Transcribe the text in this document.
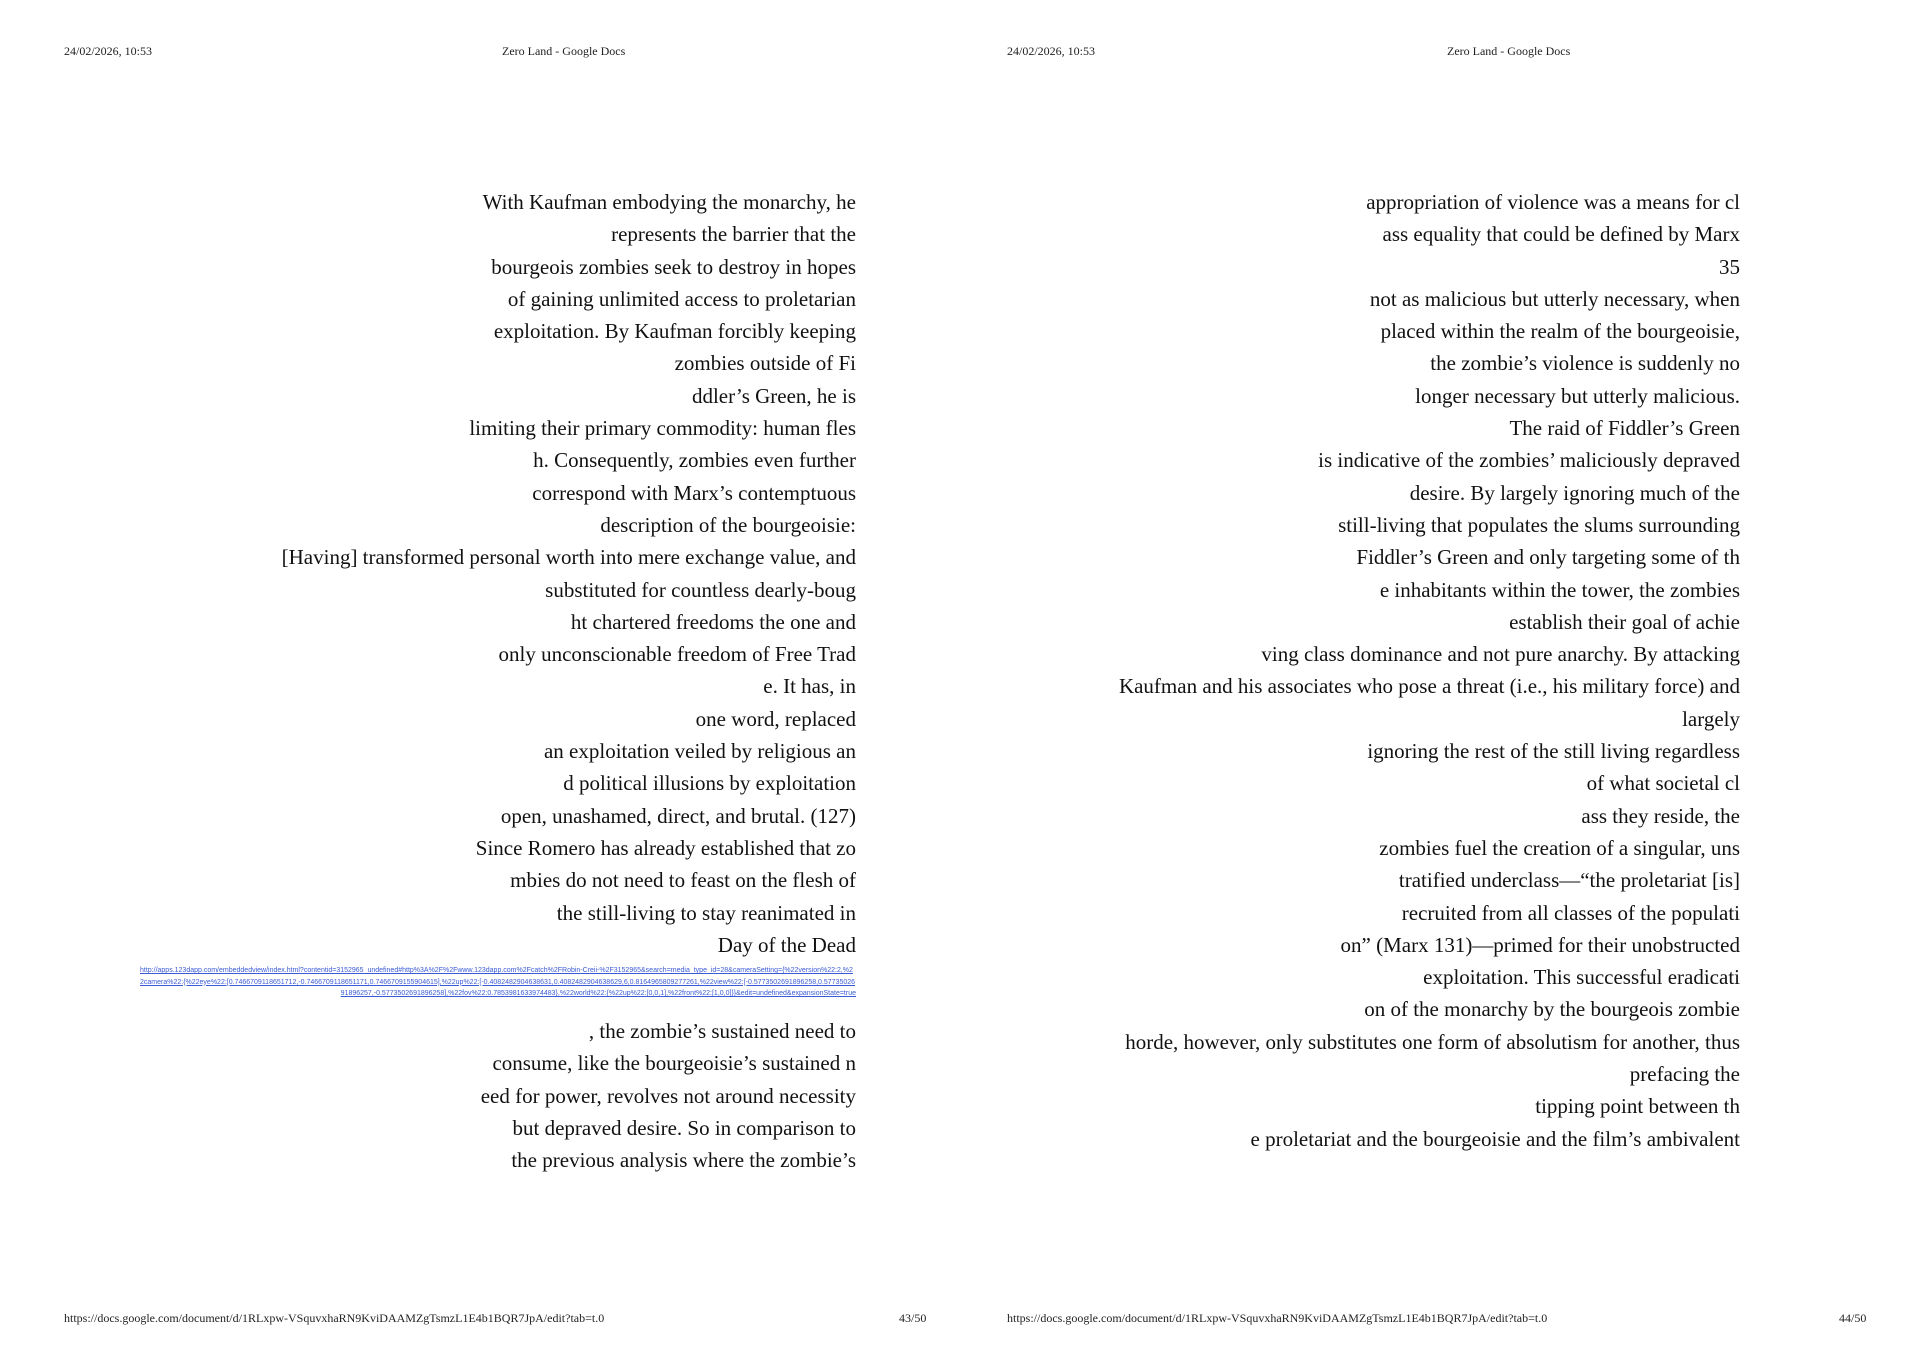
24/02/2026, 10:53	Zero Land - Google Docs
With Kaufman embodying the monarchy, he
represents the barrier that the
bourgeois zombies seek to destroy in hopes
of gaining unlimited access to proletarian
exploitation. By Kaufman forcibly keeping
zombies outside of Fi
ddler’s Green, he is
limiting their primary commodity: human fles
h. Consequently, zombies even further
correspond with Marx’s contemptuous
description of the bourgeoisie:
[Having] transformed personal worth into mere exchange value, and
substituted for countless dearly-boug
ht chartered freedoms the one and
only unconscionable freedom of Free Trad
e. It has, in
one word, replaced
an exploitation veiled by religious an
d political illusions by exploitation
open, unashamed, direct, and brutal. (127)
Since Romero has already established that zo
mbies do not need to feast on the flesh of
the still-living to stay reanimated in
Day of the Dead
http://apps.123dapp.com/embeddedview/index.html?contentid=3152965_undefined#http%3A%2F%2Fwww.123dapp.com%2Fcatch%2FRobin-Creii-%2F3152965&search=media_type_id=28&cameraSetting={%22version%22:2,%22camera%22:{%22eye%22:[0.7466709118651712,-0.7466709118651171,0.7466709155904615],%22up%22:[-0.4082482904638631,0.4082482904638629,6,0.8164965809277261,%22view%22:[-0.5773502691896258,0.5773502691896257,-0.5773502691896258],%22fov%22:0.7853981633974483},%22world%22:{%22up%22:[0,0,1],%22front%22:[1,0,0]}}&edit=undefined&expansionState=true
, the zombie’s sustained need to
consume, like the bourgeoisie’s sustained n
eed for power, revolves not around necessity
but depraved desire. So in comparison to
the previous analysis where the zombie’s
https://docs.google.com/document/d/1RLxpw-VSquvxhaRN9KviDAAMZgTsmzL1E4b1BQR7JpA/edit?tab=t.0	43/50
24/02/2026, 10:53	Zero Land - Google Docs
appropriation of violence was a means for cl
ass equality that could be defined by Marx
35
not as malicious but utterly necessary, when
placed within the realm of the bourgeoisie,
the zombie’s violence is suddenly no
longer necessary but utterly malicious.
The raid of Fiddler’s Green
is indicative of the zombies’ maliciously depraved
desire. By largely ignoring much of the
still-living that populates the slums surrounding
Fiddler’s Green and only targeting some of th
e inhabitants within the tower, the zombies
establish their goal of achie
ving class dominance and not pure anarchy. By attacking
Kaufman and his associates who pose a threat (i.e., his military force) and
largely
ignoring the rest of the still living regardless
of what societal cl
ass they reside, the
zombies fuel the creation of a singular, uns
tratified underclass—“the proletariat [is]
recruited from all classes of the populati
on” (Marx 131)—primed for their unobstructed
exploitation. This successful eradicati
on of the monarchy by the bourgeois zombie
horde, however, only substitutes one form of absolutism for another, thus
prefacing the
tipping point between th
e proletariat and the bourgeoisie and the film’s ambivalent
https://docs.google.com/document/d/1RLxpw-VSquvxhaRN9KviDAAMZgTsmzL1E4b1BQR7JpA/edit?tab=t.0	44/50
